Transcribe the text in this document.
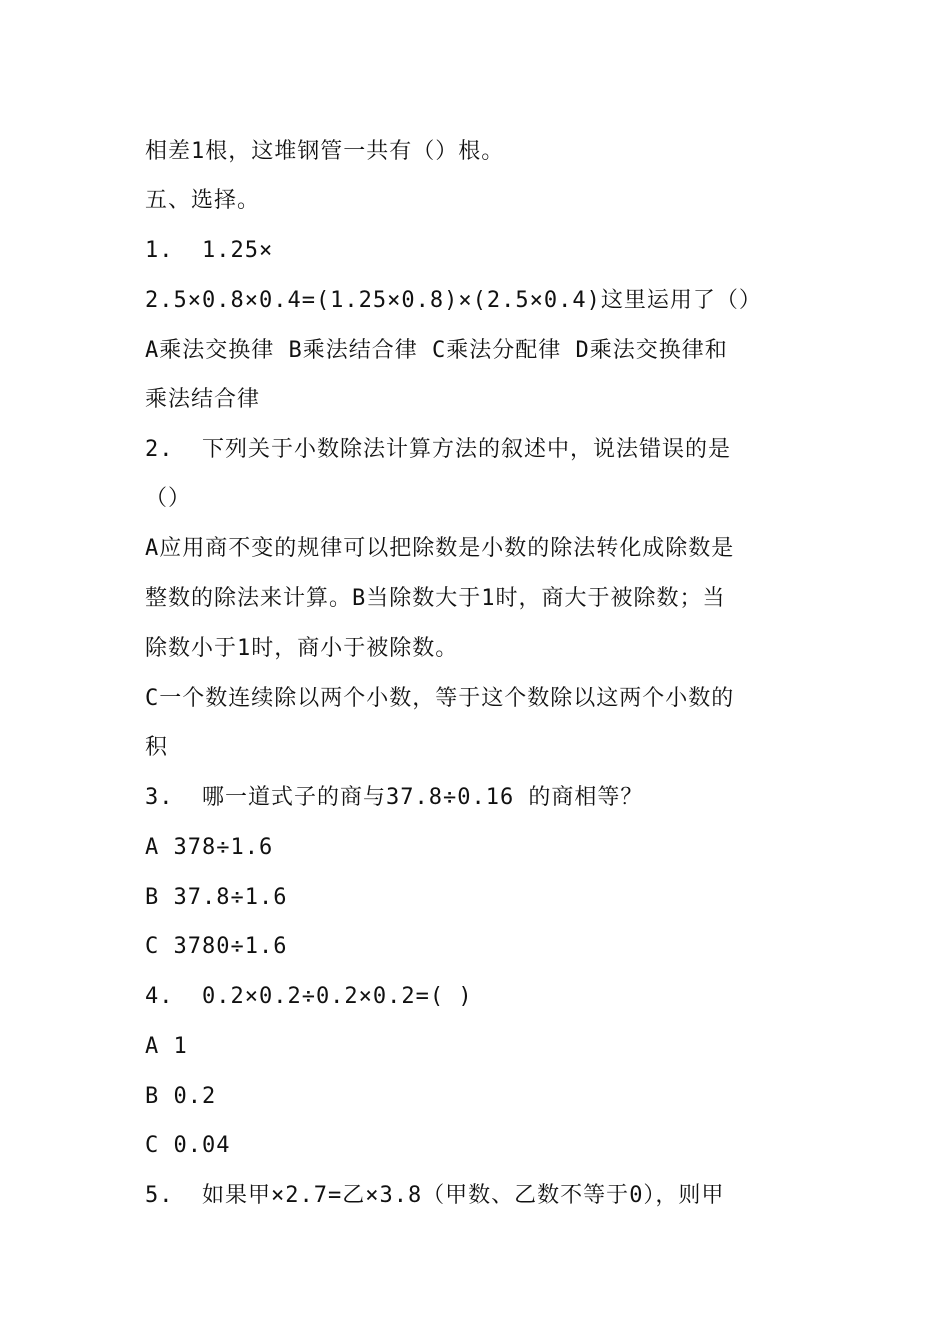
相差1根，这堆钢管一共有（）根。
五、选择。
1.  1.25×
2.5×0.8×0.4=(1.25×0.8)×(2.5×0.4)这里运用了（）
A乘法交换律 B乘法结合律 C乘法分配律 D乘法交换律和
乘法结合律
2.  下列关于小数除法计算方法的叙述中，说法错误的是
（）
A应用商不变的规律可以把除数是小数的除法转化成除数是
整数的除法来计算。B当除数大于1时，商大于被除数；当
除数小于1时，商小于被除数。
C一个数连续除以两个小数，等于这个数除以这两个小数的
积
3.  哪一道式子的商与37.8÷0.16 的商相等？
A 378÷1.6
B 37.8÷1.6
C 3780÷1.6
4.  0.2×0.2÷0.2×0.2=( )
A 1
B 0.2
C 0.04
5.  如果甲×2.7=乙×3.8（甲数、乙数不等于0），则甲
